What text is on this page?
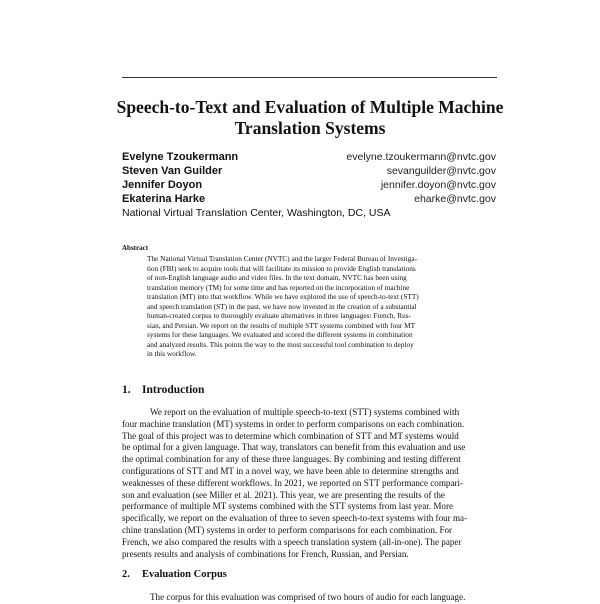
Speech-to-Text and Evaluation of Multiple Machine Translation Systems
Evelyne Tzoukermann	evelyne.tzoukermann@nvtc.gov
Steven Van Guilder	sevanguilder@nvtc.gov
Jennifer Doyon	jennifer.doyon@nvtc.gov
Ekaterina Harke	eharke@nvtc.gov
National Virtual Translation Center, Washington, DC, USA
Abstract
The National Virtual Translation Center (NVTC) and the larger Federal Bureau of Investiga-
tion (FBI) seek to acquire tools that will facilitate its mission to provide English translations
of non-English language audio and video files. In the text domain, NVTC has been using
translation memory (TM) for some time and has reported on the incorporation of machine
translation (MT) into that workflow. While we have explored the use of speech-to-text (STT)
and speech translation (ST) in the past, we have now invested in the creation of a substantial
human-created corpus to thoroughly evaluate alternatives in three languages: French, Rus-
sian, and Persian. We report on the results of multiple STT systems combined with four MT
systems for these languages. We evaluated and scored the different systems in combination
and analyzed results. This points the way to the most successful tool combination to deploy
in this workflow.
1. Introduction
We report on the evaluation of multiple speech-to-text (STT) systems combined with
four machine translation (MT) systems in order to perform comparisons on each combination.
The goal of this project was to determine which combination of STT and MT systems would
be optimal for a given language. That way, translators can benefit from this evaluation and use
the optimal combination for any of these three languages. By combining and testing different
configurations of STT and MT in a novel way, we have been able to determine strengths and
weaknesses of these different workflows. In 2021, we reported on STT performance compari-
son and evaluation (see Miller et al. 2021). This year, we are presenting the results of the
performance of multiple MT systems combined with the STT systems from last year. More
specifically, we report on the evaluation of three to seven speech-to-text systems with four ma-
chine translation (MT) systems in order to perform comparisons for each combination. For
French, we also compared the results with a speech translation system (all-in-one). The paper
presents results and analysis of combinations for French, Russian, and Persian.
2. Evaluation Corpus
The corpus for this evaluation was comprised of two hours of audio for each language.
